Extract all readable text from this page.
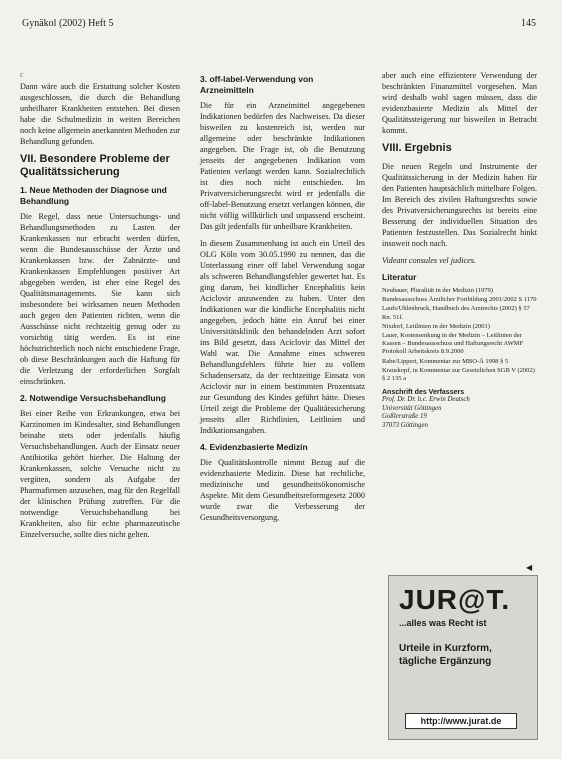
Gynäkol (2002) Heft 5	145
c

Dann wäre auch die Erstattung solcher Kosten ausgeschlossen, die durch die Behandlung unheilbarer Krankheiten entstehen. Bei diesen habe die Schulmedizin in weiten Bereichen noch keine allgemein anerkannten Methoden zur Behandlung gefunden.

VII. Besondere Probleme der Qualitätssicherung
1. Neue Methoden der Diagnose und Behandlung

Die Regel, dass neue Untersuchungs- und Behandlungsmethoden zu Lasten der Krankenkassen nur erbracht werden dürfen, wenn die Bundesausschüsse der Ärzte und Krankenkassen bzw. der Zahnärzte- und Krankenkassen Empfehlungen positiver Art abgegeben werden, ist eher eine Regel des Qualitätsmanagements. Sie kann sich insbesondere bei wirksamen neuen Methoden auch gegen den Patienten richten, wenn die Ausschüsse nicht rechtzeitig genug oder zu vorsichtig tätig werden. Es ist eine höchstrichterlich noch nicht entschiedene Frage, ob diese Beschränkungen auch die Haftung für die Verletzung der erforderlichen Sorgfalt einschränken.

2. Notwendige Versuchsbehandlung

Bei einer Reihe von Erkrankungen, etwa bei Karzinomen im Kindesalter, sind Behandlungen beinahe stets oder jedenfalls häufig Versuchsbehandlungen. Auch der Einsatz neuer Antibiotika gehört hierher. Die Haltung der Krankenkassen, solche Versuche nicht zu vergüten, sondern als Aufgabe der Pharmafirmen anzusehen, mag für den Regelfall der klinischen Prüfung zutreffen. Für die notwendige Versuchsbehandlung bei Krankheiten, also für echte pharmazeutische Einzelversuche, sollte dies nicht gelten.

3. off-label-Verwendung von Arzneimitteln

Die für ein Arzneimittel angegebenen Indikationen bedürfen des Nachweises. Da dieser bisweilen zu kostenreich ist, werden nur allgemeine oder beschränkte Indikationen angegeben. Die Frage ist, ob die Benutzung jenseits der angegebenen Indikation vom Patienten verlangt werden kann. Sozialrechtlich ist dies noch nicht entschieden. Im Privatversicherungsrecht wird er jedenfalls die off-label-Benutzung ersetzt verlangen können, die nicht völlig willkürlich und unpassend erscheint. Das gilt jedenfalls für unheilbare Krankheiten.

In diesem Zusammenhang ist auch ein Urteil des OLG Köln vom 30.05.1990 zu nennen, das die Unterlassung einer off label Verwendung sogar als schweren Behandlungsfehler gewertet hat. Es ging darum, bei kindlicher Encephalitis kein Aciclovir anzuwenden zu haben. Unter den Indikationen war die kindliche Encephalitis nicht angegeben, jedoch hätte ein Anruf bei einer Universitätsklinik den behandelnden Arzt sofort ins Bild gesetzt, dass Aciclovir das Mittel der Wahl war. Die Annahme eines schweren Behandlungsfehlers führte hier zu vollem Schadensersatz, da der rechtzeitige Einsatz von Aciclovir nur in einem bestimmten Prozentsatz zur Gesundung des Kindes geführt hätte. Dieses Urteil zeigt die Probleme der Qualitätssicherung jenseits aller Richtlinien, Leitlinien und Indikationsangaben.

4. Evidenzbasierte Medizin

Die Qualitätskontrolle nimmt Bezug auf die evidenzbasierte Medizin. Diese hat rechtliche, medizinische und gesundheitsökonomische Aspekte. Mit dem Gesundheitsreformgesetz 2000 wurde zwar die Verbesserung der Gesundheitsversorgung,

aber auch eine effizientere Verwendung der beschränkten Finanzmittel vorgesehen. Man wird deshalb wohl sagen müssen, dass die evidenzbasierte Medizin als Mittel der Qualitätssteigerung nur bisweilen in Betracht kommt.

VIII. Ergebnis

Die neuen Regeln und Instrumente der Qualitätssicherung in der Medizin haben für den Patienten hauptsächlich mittelbare Folgen. Im Bereich des zivilen Haftungsrechts sowie des Privatversicherungsrechts ist bereits eine Besserung der individuellen Situation des Patienten festzustellen. Das Sozialrecht hinkt insoweit noch nach.

Videant consules vel judices.

Literatur

Neubauer, Pluralität in der Medizin (1979)

Bundesausschuss Ärztlicher Fortbildung 2001/2002 S 1170

Laufs/Uhlenbruck, Handbuch des Arztrechts (2002) § 57 Rn. 51f.

Nixdorf, Leitlinien in der Medizin (2001)

Lauer, Kostensenkung in der Medizin – Leitlinien der Kassen – Bundesausschuss und Haftungsrecht AWMF Protokoll Arbeitskreis 8.9.2000

Rabe/Lippert, Kommentar zur MBO-Ä 1998 § 5

Krauskopf, in Kommentar zur Gesetzlichen SGB V (2002) § 2 135 a

Anschrift des Verfassers

Prof. Dr. Dr. h.c. Erwin Deutsch

Universität Göttingen

Goßlerstraße 19

37073 Göttingen

◀
JUR@T.
...alles was Recht ist
Urteile in Kurzform,
tägliche Ergänzung
http://www.jurat.de
